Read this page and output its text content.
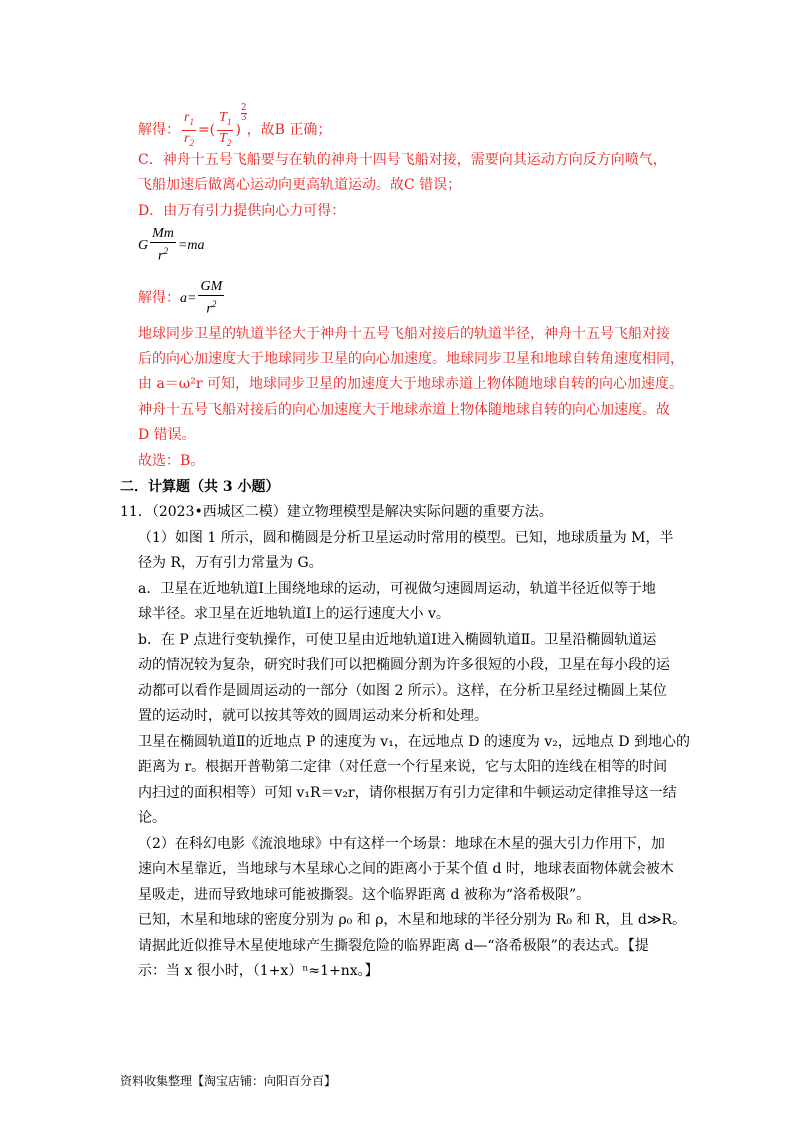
解得： $\frac{r_1}{r_2}$ =( $\frac{T_1}{T_2}$ )
$\frac{2}{3}$
，故B 正确；
C．神舟十五号飞船要与在轨的神舟十四号飞船对接，需要向其运动方向反方向喷气，
飞船加速后做离心运动向更高轨道运动。故C 错误；
D．由万有引力提供向心力可得：
G $\frac{Mm}{r^2} =ma$
解得：$a= \frac{GM}{r^2}$
地球同步卫星的轨道半径大于神舟十五号飞船对接后的轨道半径，神舟十五号飞船对接
后的向心加速度大于地球同步卫星的向心加速度。地球同步卫星和地球自转角速度相同，
由 a＝ω²r 可知，地球同步卫星的加速度大于地球赤道上物体随地球自转的向心加速度。
神舟十五号飞船对接后的向心加速度大于地球赤道上物体随地球自转的向心加速度。故
D 错误。
故选：B。
二．计算题（共 3 小题）
11．（2023•西城区二模）建立物理模型是解决实际问题的重要方法。
（1）如图 1 所示，圆和椭圆是分析卫星运动时常用的模型。已知，地球质量为 M，半
径为 R，万有引力常量为 G。
a．卫星在近地轨道Ⅰ上围绕地球的运动，可视做匀速圆周运动，轨道半径近似等于地
球半径。求卫星在近地轨道Ⅰ上的运行速度大小 v。
b．在 P 点进行变轨操作，可使卫星由近地轨道Ⅰ进入椭圆轨道Ⅱ。卫星沿椭圆轨道运
动的情况较为复杂，研究时我们可以把椭圆分割为许多很短的小段，卫星在每小段的运
动都可以看作是圆周运动的一部分（如图 2 所示）。这样，在分析卫星经过椭圆上某位
置的运动时，就可以按其等效的圆周运动来分析和处理。
卫星在椭圆轨道Ⅱ的近地点 P 的速度为 v₁，在远地点 D 的速度为 v₂，远地点 D 到地心的
距离为 r。根据开普勒第二定律（对任意一个行星来说，它与太阳的连线在相等的时间
内扫过的面积相等）可知 v₁R＝v₂r，请你根据万有引力定律和牛顿运动定律推导这一结
论。
（2）在科幻电影《流浪地球》中有这样一个场景：地球在木星的强大引力作用下，加
速向木星靠近，当地球与木星球心之间的距离小于某个值 d 时，地球表面物体就会被木
星吸走，进而导致地球可能被撕裂。这个临界距离 d 被称为“洛希极限”。
已知，木星和地球的密度分别为 ρ₀ 和 ρ，木星和地球的半径分别为 R₀ 和 R，且 d≫R。
请据此近似推导木星使地球产生撕裂危险的临界距离 d—“洛希极限”的表达式。【提
示：当 x 很小时，（1+x）ⁿ≈1+nx。】
资料收集整理【淘宝店铺：向阳百分百】
